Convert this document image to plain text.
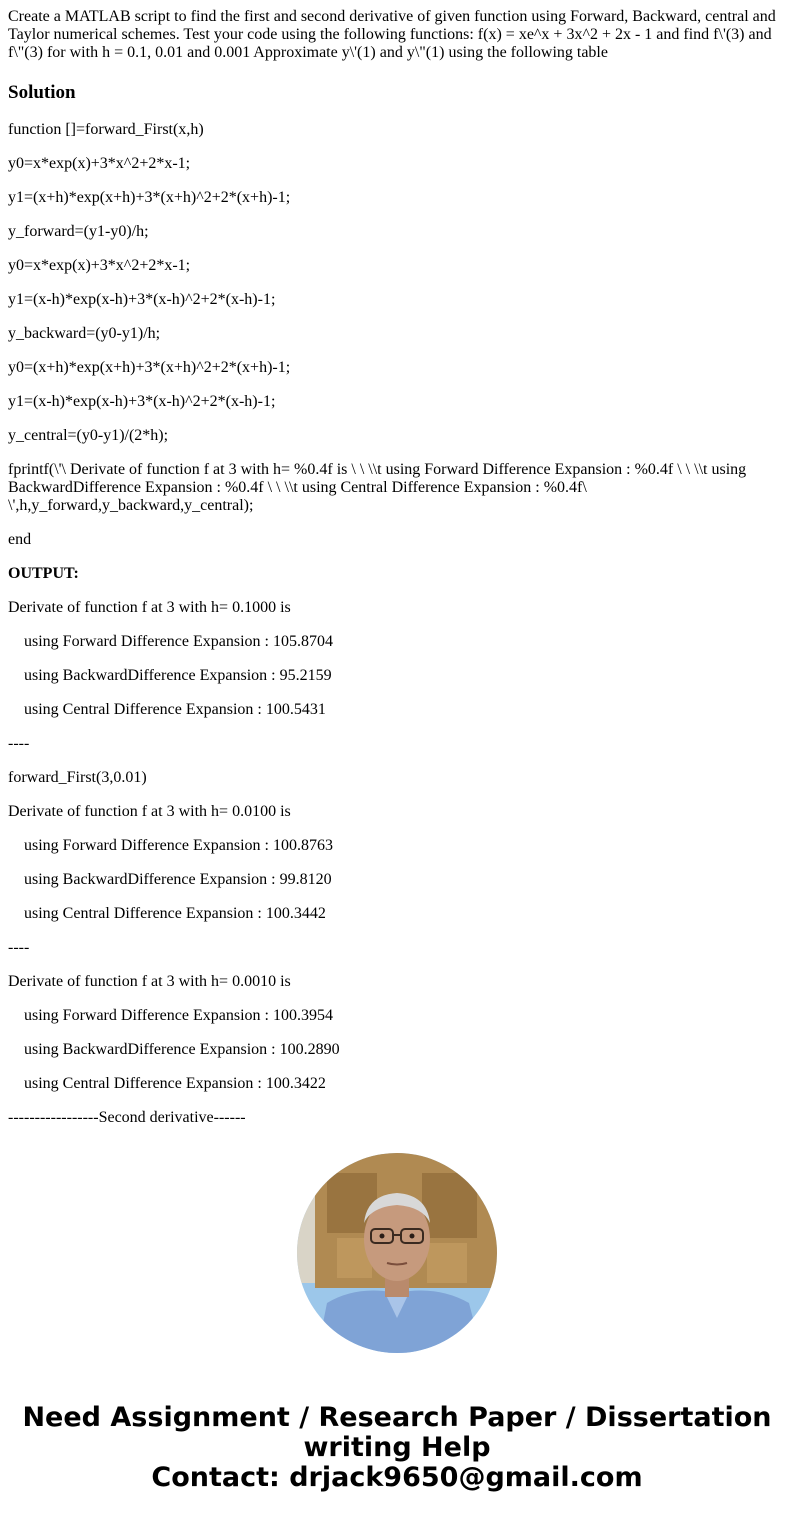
Create a MATLAB script to find the first and second derivative of given function using Forward, Backward, central and Taylor numerical schemes. Test your code using the following functions: f(x) = xe^x + 3x^2 + 2x - 1 and find f\'(3) and f\"(3) for with h = 0.1, 0.01 and 0.001 Approximate y\'(1) and y\"(1) using the following table

Solution

function []=forward_First(x,h)

y0=x*exp(x)+3*x^2+2*x-1;

y1=(x+h)*exp(x+h)+3*(x+h)^2+2*(x+h)-1;

y_forward=(y1-y0)/h;

y0=x*exp(x)+3*x^2+2*x-1;

y1=(x-h)*exp(x-h)+3*(x-h)^2+2*(x-h)-1;

y_backward=(y0-y1)/h;

y0=(x+h)*exp(x+h)+3*(x+h)^2+2*(x+h)-1;

y1=(x-h)*exp(x-h)+3*(x-h)^2+2*(x-h)-1;

y_central=(y0-y1)/(2*h);

fprintf(\'\ Derivate of function f at 3 with h= %0.4f is \ \ \\t using Forward Difference Expansion : %0.4f \ \ \\t using BackwardDifference Expansion : %0.4f \ \ \\t using Central Difference Expansion : %0.4f\ \',h,y_forward,y_backward,y_central);

end

OUTPUT:

Derivate of function f at 3 with h= 0.1000 is

using Forward Difference Expansion : 105.8704

using BackwardDifference Expansion : 95.2159

using Central Difference Expansion : 100.5431

----

forward_First(3,0.01)

Derivate of function f at 3 with h= 0.0100 is

using Forward Difference Expansion : 100.8763

using BackwardDifference Expansion : 99.8120

using Central Difference Expansion : 100.3442

----

Derivate of function f at 3 with h= 0.0010 is

using Forward Difference Expansion : 100.3954

using BackwardDifference Expansion : 100.2890

using Central Difference Expansion : 100.3422

-----------------Second derivative------

Need Assignment / Research Paper / Dissertation
writing Help
Contact: drjack9650@gmail.com
